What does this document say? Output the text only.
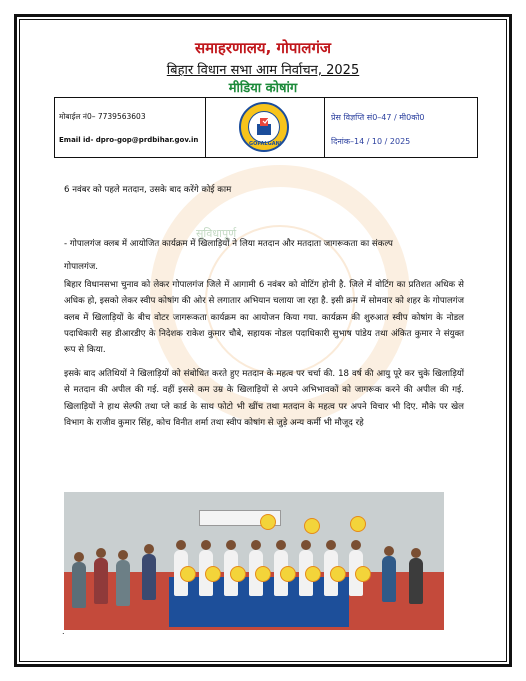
समाहरणालय, गोपालगंज
बिहार विधान सभा आम निर्वाचन, 2025
मीडिया कोषांग
मोबाईल नं0– 7739563603
Email id- dpro-gop@prdbihar.gov.in	GOPALGANJ
प्रेस विज्ञप्ति सं0–47 / मी0को0
दिनांक–14 / 10 / 2025
सुविधापूर्ण
6 नवंबर को पहले मतदान, उसके बाद करेंगे कोई काम
- गोपालगंज क्लब में आयोजित कार्यक्रम में खिलाड़ियों ने लिया मतदान और मतदाता जागरूकता का संकल्प
गोपालगंज.
बिहार विधानसभा चुनाव को लेकर गोपालगंज जिले में आगामी 6 नवंबर को वोटिंग होनी है. जिले में वोटिंग का प्रतिशत अधिक से अधिक हो, इसको लेकर स्वीप कोषांग की ओर से लगातार अभियान चलाया जा रहा है. इसी क्रम में सोमवार को शहर के गोपालगंज क्लब में खिलाड़ियों के बीच वोटर जागरूकता कार्यक्रम का आयोजन किया गया. कार्यक्रम की शुरुआत स्वीप कोषांग के नोडल पदाधिकारी सह डीआरडीए के निदेशक राकेश कुमार चौबे, सहायक नोडल पदाधिकारी सुभाष पांडेय तथा अंकित कुमार ने संयुक्त रूप से किया.
इसके बाद अतिथियों ने खिलाड़ियों को संबोधित करते हुए मतदान के महत्व पर चर्चा की. 18 वर्ष की आयु पूरे कर चुके खिलाड़ियों से मतदान की अपील की गई. वहीं इससे कम उम्र के खिलाड़ियों से अपने अभिभावकों को जागरूक करने की अपील की गई. खिलाड़ियों ने हाथ सेल्फी तथा प्ले कार्ड के साथ फोटो भी खींच तथा मतदान के महत्व पर अपने विचार भी दिए. मौके पर खेल विभाग के राजीव कुमार सिंह, कोच विनीत शर्मा तथा स्वीप कोषांग से जुड़े अन्य कर्मी भी मौजूद रहे
.
